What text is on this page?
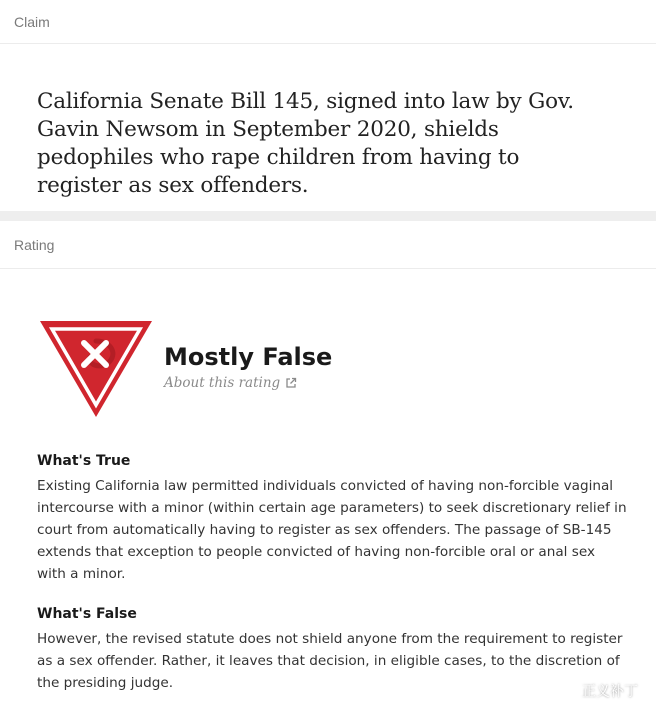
Claim

California Senate Bill 145, signed into law by Gov. Gavin Newsom in September 2020, shields pedophiles who rape children from having to register as sex offenders.

Rating
Mostly False
About this rating
What's True

Existing California law permitted individuals convicted of having non-forcible vaginal intercourse with a minor (within certain age parameters) to seek discretionary relief in court from automatically having to register as sex offenders. The passage of SB-145 extends that exception to people convicted of having non-forcible oral or anal sex with a minor.

What's False

However, the revised statute does not shield anyone from the requirement to register as a sex offender. Rather, it leaves that decision, in eligible cases, to the discretion of the presiding judge.

正义补丁
